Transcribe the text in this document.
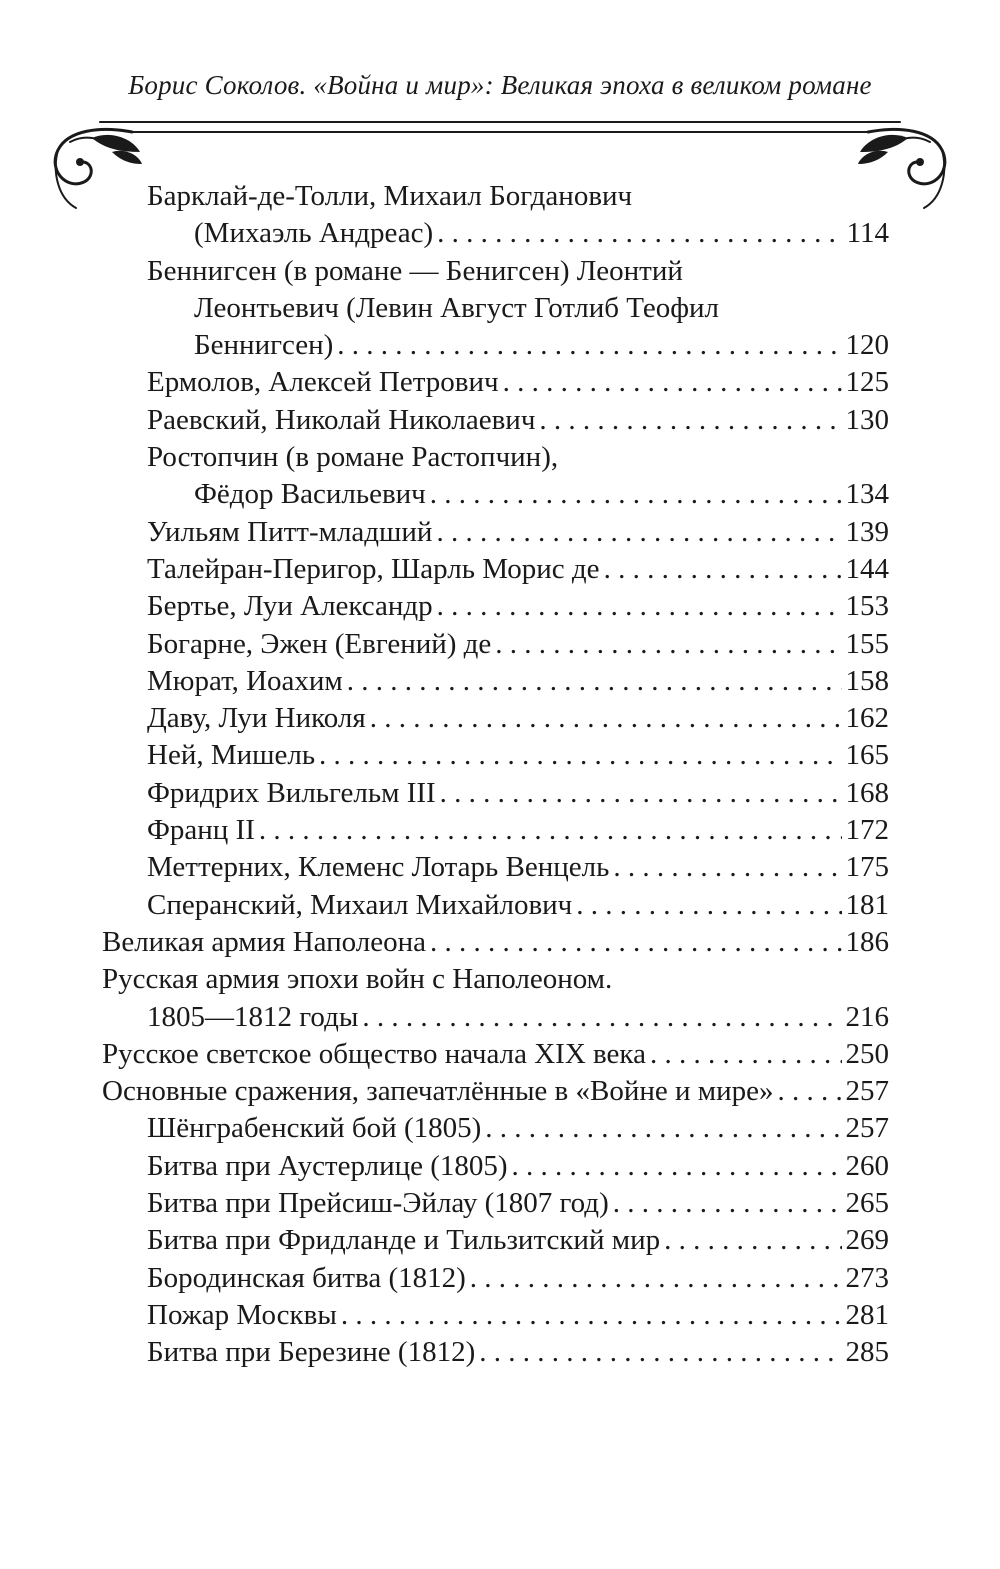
Борис Соколов. «Война и мир»: Великая эпоха в великом романе
Барклай-де-Толли, Михаил Богданович
(Михаэль Андреас) . . .	114
Беннигсен (в романе — Бенигсен) Леонтий
Леонтьевич (Левин Август Готлиб Теофил
Беннигсен) . . .	120
Ермолов, Алексей Петрович . . .	125
Раевский, Николай Николаевич . . .	130
Ростопчин (в романе Растопчин),
Фёдор Васильевич . . .	134
Уильям Питт-младший . . .	139
Талейран-Перигор, Шарль Морис де . . .	144
Бертье, Луи Александр . . .	153
Богарне, Эжен (Евгений) де . . .	155
Мюрат, Иоахим . . .	158
Даву, Луи Николя . . .	162
Ней, Мишель . . .	165
Фридрих Вильгельм III . . .	168
Франц II . . .	172
Меттерних, Клеменс Лотарь Венцель . . .	175
Сперанский, Михаил Михайлович . . .	181
Великая армия Наполеона . . .	186
Русская армия эпохи войн с Наполеоном.
1805—1812 годы . . .	216
Русское светское общество начала XIX века . . .	250
Основные сражения, запечатлённые в «Войне и мире» . . . 257
Шёнграбенский бой (1805) . . .	257
Битва при Аустерлице (1805) . . .	260
Битва при Прейсиш-Эйлау (1807 год) . . .	265
Битва при Фридланде и Тильзитский мир . . .	269
Бородинская битва (1812) . . .	273
Пожар Москвы . . .	281
Битва при Березине (1812) . . .	285
